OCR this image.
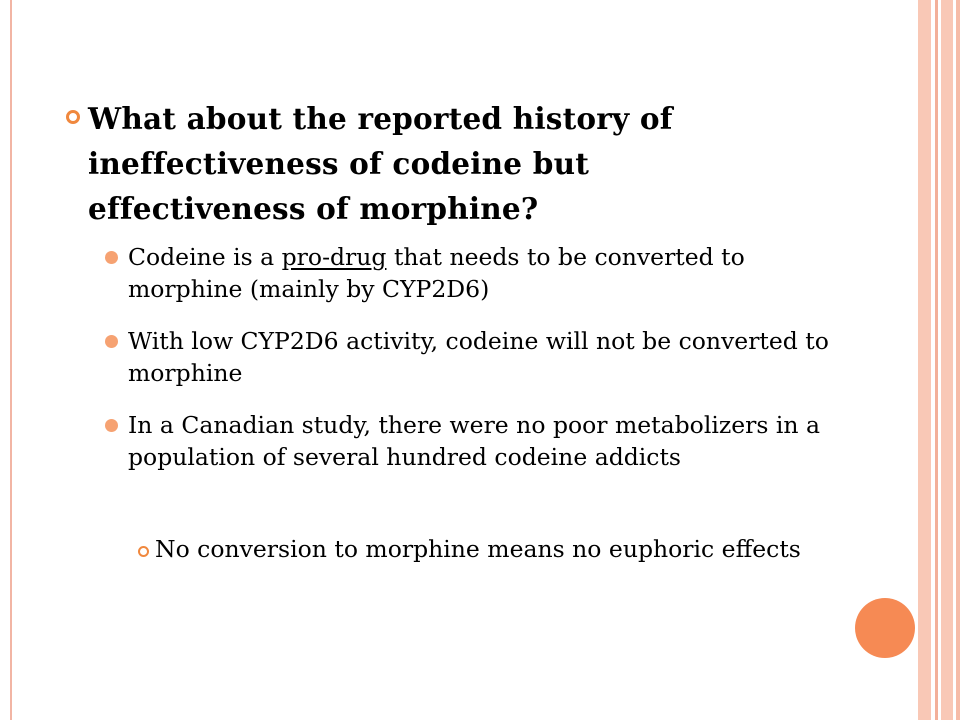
What about the reported history of ineffectiveness of codeine but effectiveness of morphine?
Codeine is a pro-drug that needs to be converted to morphine (mainly by CYP2D6)
With low CYP2D6 activity, codeine will not be converted to morphine
In a Canadian study, there were no poor metabolizers in a population of several hundred codeine addicts
No conversion to morphine means no euphoric effects
